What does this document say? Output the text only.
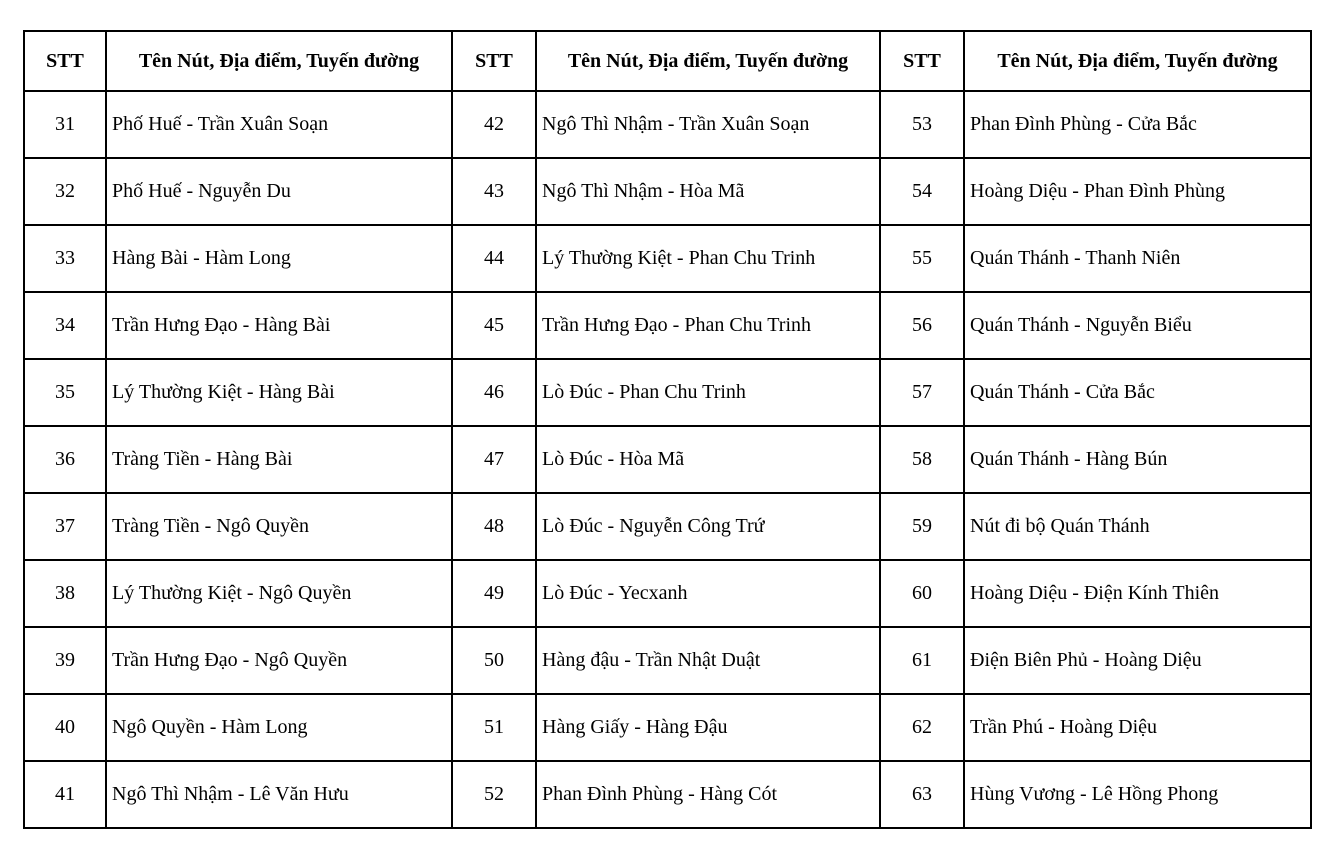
STT	Tên Nút, Địa điểm, Tuyến đường	STT	Tên Nút, Địa điểm, Tuyến đường	STT	Tên Nút, Địa điểm, Tuyến đường
31	Phố Huế - Trần Xuân Soạn	42	Ngô Thì Nhậm - Trần Xuân Soạn	53	Phan Đình Phùng - Cửa Bắc
32	Phố Huế - Nguyễn Du	43	Ngô Thì Nhậm - Hòa Mã	54	Hoàng Diệu - Phan Đình Phùng
33	Hàng Bài - Hàm Long	44	Lý Thường Kiệt - Phan Chu Trinh	55	Quán Thánh - Thanh Niên
34	Trần Hưng Đạo - Hàng Bài	45	Trần Hưng Đạo - Phan Chu Trinh	56	Quán Thánh - Nguyễn Biểu
35	Lý Thường Kiệt - Hàng Bài	46	Lò Đúc - Phan Chu Trinh	57	Quán Thánh - Cửa Bắc
36	Tràng Tiền - Hàng Bài	47	Lò Đúc - Hòa Mã	58	Quán Thánh - Hàng Bún
37	Tràng Tiền - Ngô Quyền	48	Lò Đúc - Nguyễn Công Trứ	59	Nút đi bộ Quán Thánh
38	Lý Thường Kiệt - Ngô Quyền	49	Lò Đúc - Yecxanh	60	Hoàng Diệu - Điện Kính Thiên
39	Trần Hưng Đạo - Ngô Quyền	50	Hàng đậu - Trần Nhật Duật	61	Điện Biên Phủ - Hoàng Diệu
40	Ngô Quyền - Hàm Long	51	Hàng Giấy - Hàng Đậu	62	Trần Phú - Hoàng Diệu
41	Ngô Thì Nhậm - Lê Văn Hưu	52	Phan Đình Phùng - Hàng Cót	63	Hùng Vương - Lê Hồng Phong
